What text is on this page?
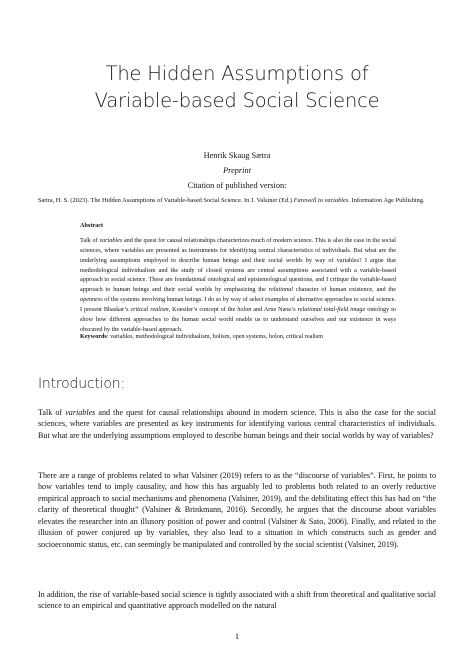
The Hidden Assumptions of
Variable-based Social Science
Henrik Skaug Sætra
Preprint
Citation of published version:
Sætra, H. S. (2023). The Hidden Assumptions of Variable-based Social Science. In J. Valsiner (Ed.) Farewell to variables. Information Age Publishing.
Abstract

Talk of variables and the quest for causal relationships characterizes much of modern science. This is also the case in the social sciences, where variables are presented as instruments for identifying central characteristics of individuals. But what are the underlying assumptions employed to describe human beings and their social worlds by way of variables? I argue that methodological individualism and the study of closed systems are central assumptions associated with a variable-based approach to social science. These are foundational ontological and epistemological questions, and I critique the variable-based approach to human beings and their social worlds by emphasizing the relational character of human existence, and the openness of the systems involving human beings. I do so by way of select examples of alternative approaches to social science. I present Bhaskar’s critical realism, Koestler’s concept of the holon and Arne Næss’s relational total-field image ontology to show how different approaches to the human social world enable us to understand ourselves and our existence in ways obscured by the variable-based approach.

Keywords: variables, methodological individualism, holism, open systems, holon, critical realism

Introduction:

Talk of variables and the quest for causal relationships abound in modern science. This is also the case for the social sciences, where variables are presented as key instruments for identifying various central characteristics of individuals. But what are the underlying assumptions employed to describe human beings and their social worlds by way of variables?

There are a range of problems related to what Valsiner (2019) refers to as the “discourse of variables”. First, he points to how variables tend to imply causality, and how this has arguably led to problems both related to an overly reductive empirical approach to social mechanisms and phenomena (Valsiner, 2019), and the debilitating effect this has had on “the clarity of theoretical thought” (Valsiner & Brinkmann, 2016). Secondly, he argues that the discourse about variables elevates the researcher into an illusory position of power and control (Valsiner & Sato, 2006). Finally, and related to the illusion of power conjured up by variables, they also lead to a situation in which constructs such as gender and socioeconomic status, etc. can seemingly be manipulated and controlled by the social scientist (Valsiner, 2019).

In addition, the rise of variable-based social science is tightly associated with a shift from theoretical and qualitative social science to an empirical and quantitative approach modelled on the natural

1
